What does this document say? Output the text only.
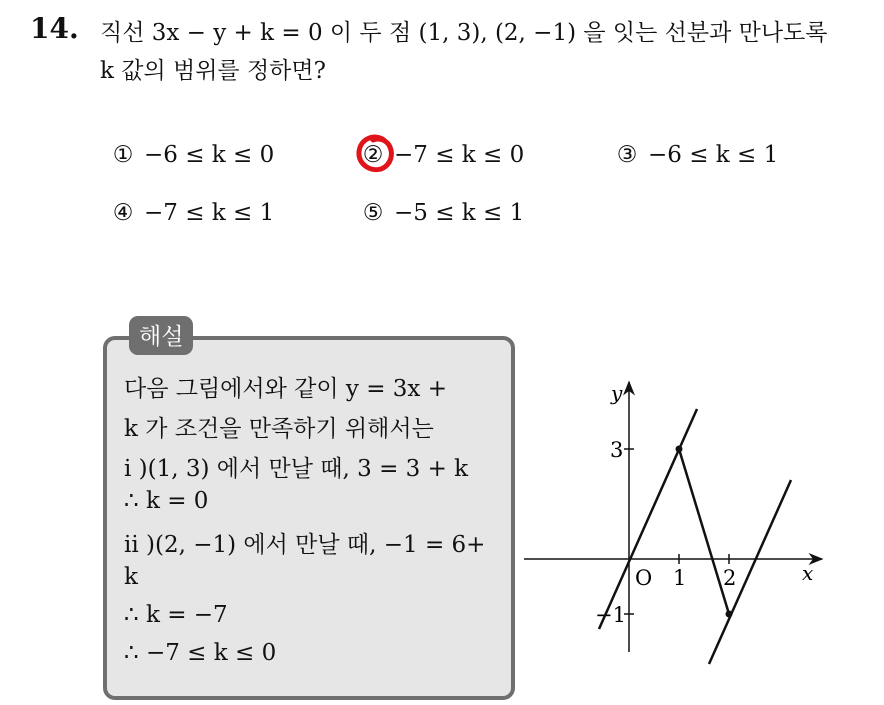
14. 직선 3x − y + k = 0 이 두 점 (1, 3), (2, −1) 을 잇는 선분과 만나도록
k 값의 범위를 정하면?
① −6 ≤ k ≤ 0	② −7 ≤ k ≤ 0	③ −6 ≤ k ≤ 1
④ −7 ≤ k ≤ 1	⑤ −5 ≤ k ≤ 1
해설
다음 그림에서와 같이 y = 3x +
k 가 조건을 만족하기 위해서는
i )(1, 3) 에서 만날 때, 3 = 3 + k
∴ k = 0
ii )(2, −1) 에서 만날 때, −1 = 6+
k
∴ k = −7
∴ −7 ≤ k ≤ 0
x
y
O 1 2
3
−1
